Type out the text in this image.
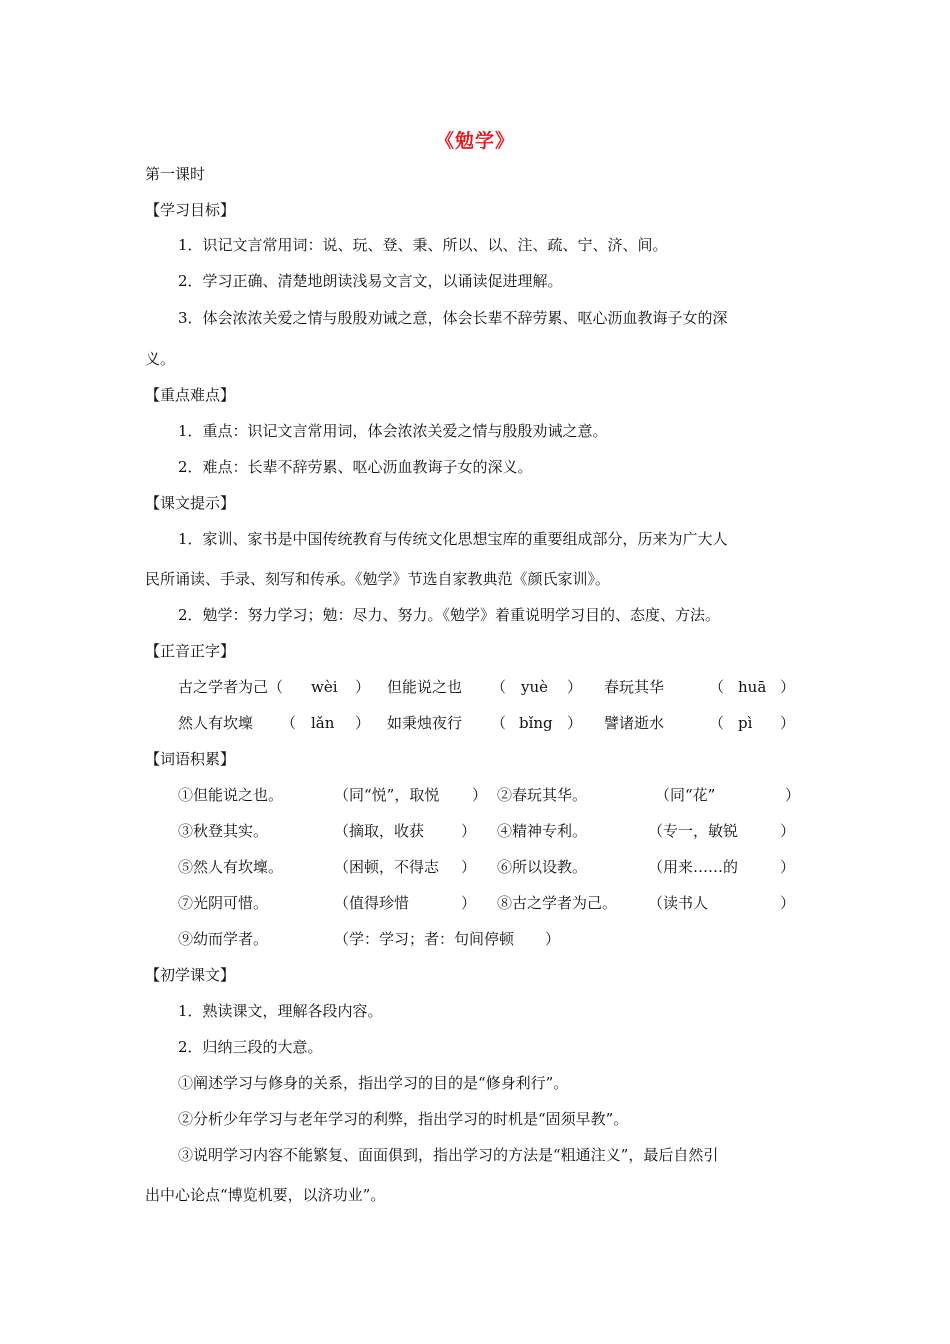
《勉学》
第一课时
【学习目标】
1．识记文言常用词：说、玩、登、秉、所以、以、注、疏、宁、济、间。
2．学习正确、清楚地朗读浅易文言文，以诵读促进理解。
3．体会浓浓关爱之情与殷殷劝诫之意，体会长辈不辞劳累、呕心沥血教诲子女的深
义。
【重点难点】
1．重点：识记文言常用词，体会浓浓关爱之情与殷殷劝诫之意。
2．难点：长辈不辞劳累、呕心沥血教诲子女的深义。
【课文提示】
1．家训、家书是中国传统教育与传统文化思想宝库的重要组成部分，历来为广大人
民所诵读、手录、刻写和传承。《勉学》节选自家教典范《颜氏家训》。
2．勉学：努力学习；勉：尽力、努力。《勉学》着重说明学习目的、态度、方法。
【正音正字】
古之学者为己（ wèi ） 但能说之也 （ yuè ） 春玩其华	（ huā ）
然人有坎壈 （ lǎn ） 如秉烛夜行 （ bǐng ） 譬诸逝水	（ pì ）
【词语积累】
①但能说之也。	（同“悦”，取悦 ） ②春玩其华。	（同“花”	）
③秋登其实。	（摘取，收获 ） ④精神专利。	（专一，敏锐	）
⑤然人有坎壈。	（困顿，不得志 ） ⑥所以设教。	（用来……的	）
⑦光阴可惜。	（值得珍惜	） ⑧古之学者为己。 （读书人	）
⑨幼而学者。	（学：学习；者：句间停顿 ）
【初学课文】
1．熟读课文，理解各段内容。
2．归纳三段的大意。
①阐述学习与修身的关系，指出学习的目的是“修身利行”。
②分析少年学习与老年学习的利弊，指出学习的时机是“固须早教”。
③说明学习内容不能繁复、面面俱到，指出学习的方法是“粗通注义”，最后自然引
出中心论点“博览机要，以济功业”。
